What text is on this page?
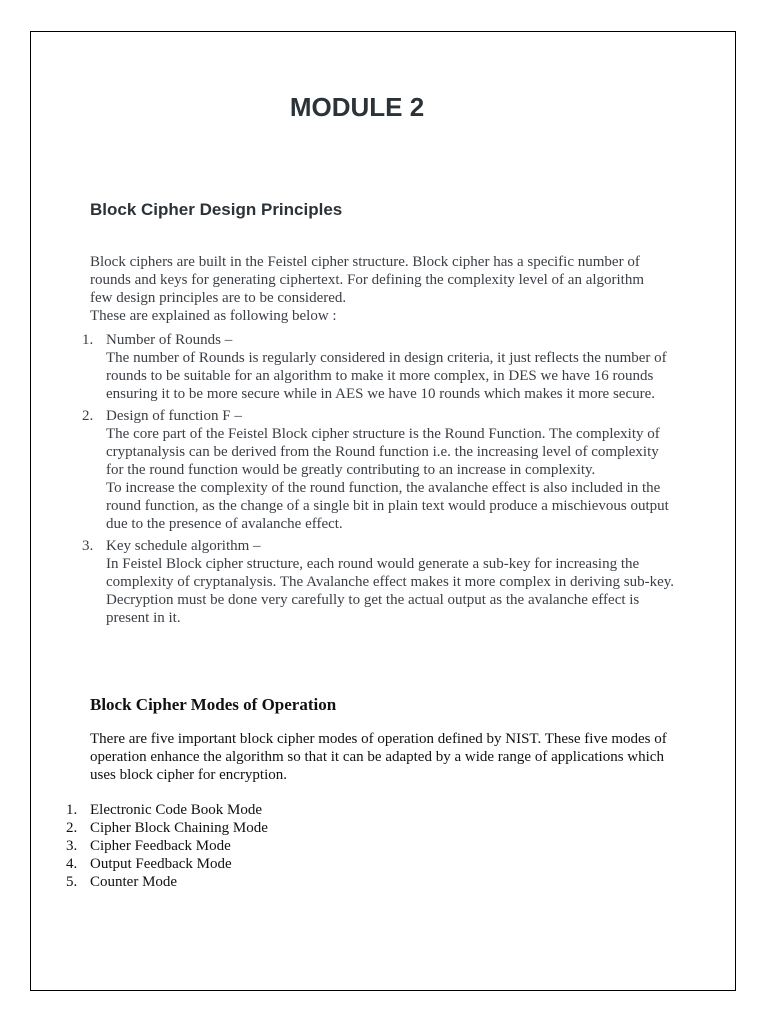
MODULE 2
Block Cipher Design Principles

Block ciphers are built in the Feistel cipher structure. Block cipher has a specific number of rounds and keys for generating ciphertext. For defining the complexity level of an algorithm few design principles are to be considered.

These are explained as following below :

1. Number of Rounds –

The number of Rounds is regularly considered in design criteria, it just reflects the number of rounds to be suitable for an algorithm to make it more complex, in DES we have 16 rounds ensuring it to be more secure while in AES we have 10 rounds which makes it more secure.

2. Design of function F –

The core part of the Feistel Block cipher structure is the Round Function. The complexity of cryptanalysis can be derived from the Round function i.e. the increasing level of complexity for the round function would be greatly contributing to an increase in complexity.

To increase the complexity of the round function, the avalanche effect is also included in the round function, as the change of a single bit in plain text would produce a mischievous output due to the presence of avalanche effect.

3. Key schedule algorithm –

In Feistel Block cipher structure, each round would generate a sub-key for increasing the complexity of cryptanalysis. The Avalanche effect makes it more complex in deriving sub-key. Decryption must be done very carefully to get the actual output as the avalanche effect is present in it.

Block Cipher Modes of Operation

There are five important block cipher modes of operation defined by NIST. These five modes of operation enhance the algorithm so that it can be adapted by a wide range of applications which uses block cipher for encryption.

1. Electronic Code Book Mode
2. Cipher Block Chaining Mode
3. Cipher Feedback Mode
4. Output Feedback Mode
5. Counter Mode
